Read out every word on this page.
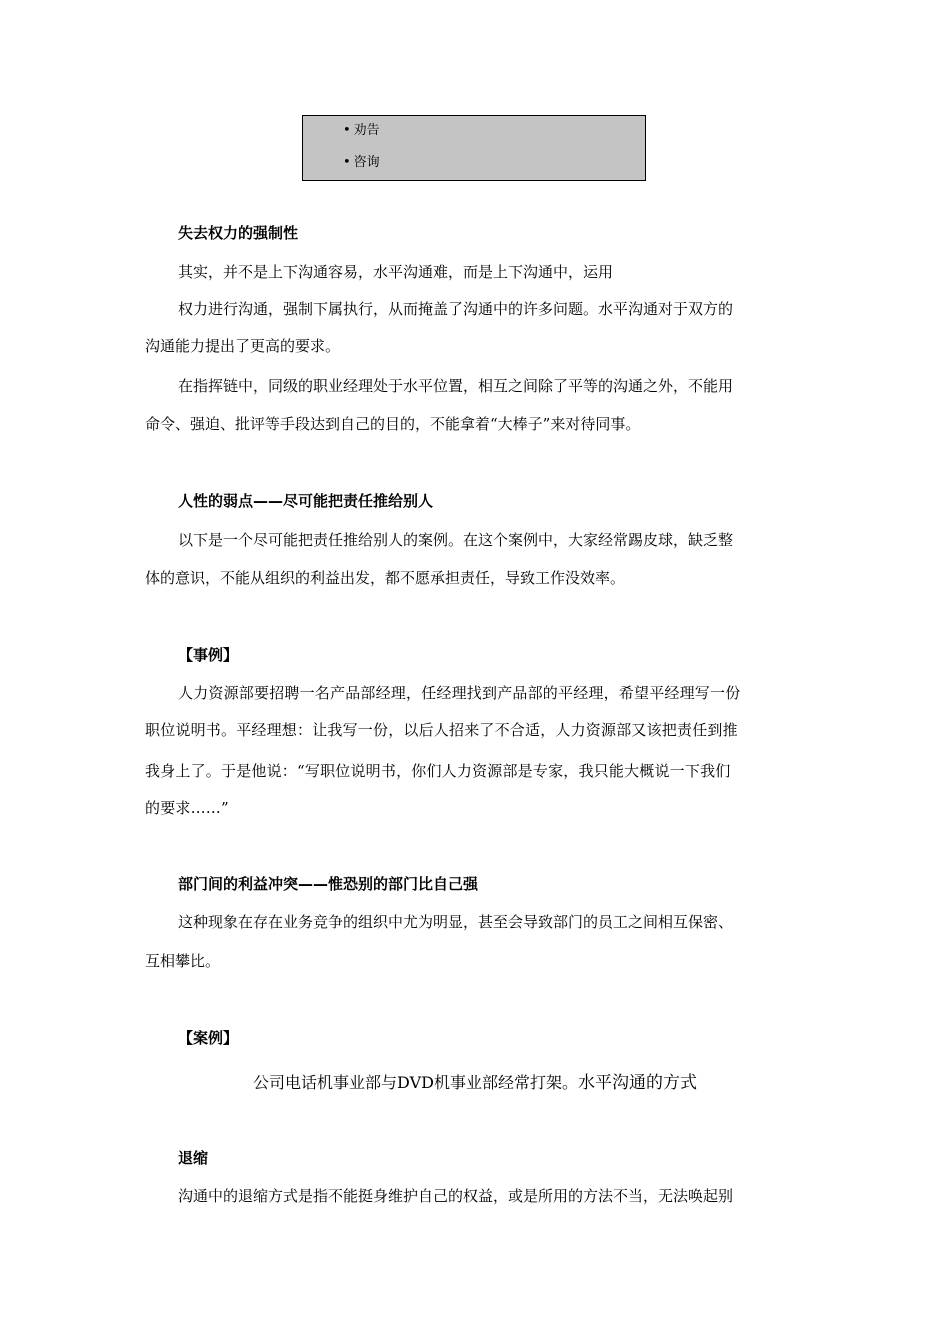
• 劝告
• 咨询
失去权力的强制性
其实，并不是上下沟通容易，水平沟通难，而是上下沟通中，运用
权力进行沟通，强制下属执行，从而掩盖了沟通中的许多问题。水平沟通对于双方的
沟通能力提出了更高的要求。
在指挥链中，同级的职业经理处于水平位置，相互之间除了平等的沟通之外，不能用
命令、强迫、批评等手段达到自己的目的，不能拿着“大棒子”来对待同事。
人性的弱点——尽可能把责任推给别人
以下是一个尽可能把责任推给别人的案例。在这个案例中，大家经常踢皮球，缺乏整
体的意识，不能从组织的利益出发，都不愿承担责任，导致工作没效率。
【事例】
人力资源部要招聘一名产品部经理，任经理找到产品部的平经理，希望平经理写一份
职位说明书。平经理想：让我写一份，以后人招来了不合适，人力资源部又该把责任到推
我身上了。于是他说：“写职位说明书，你们人力资源部是专家，我只能大概说一下我们
的要求……”
部门间的利益冲突——惟恐别的部门比自己强
这种现象在存在业务竞争的组织中尤为明显，甚至会导致部门的员工之间相互保密、
互相攀比。
【案例】
公司电话机事业部与DVD机事业部经常打架。水平沟通的方式
退缩
沟通中的退缩方式是指不能挺身维护自己的权益，或是所用的方法不当，无法唤起别
